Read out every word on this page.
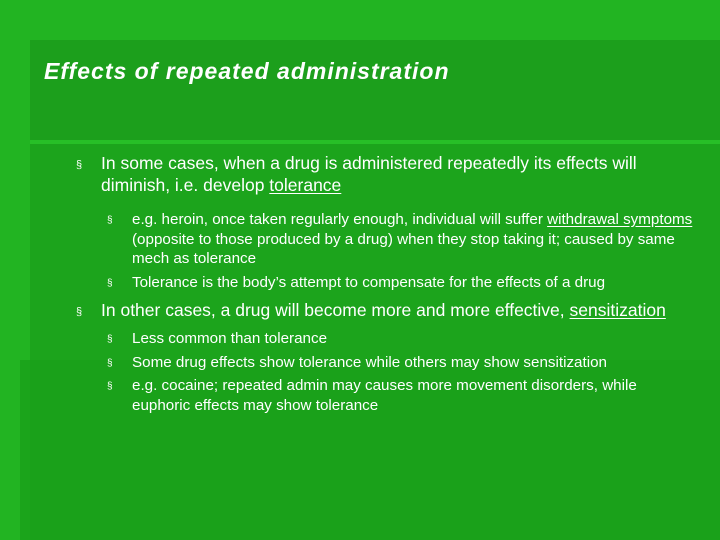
Effects of repeated administration

§ In some cases, when a drug is administered repeatedly its effects will diminish, i.e. develop tolerance

§ e.g. heroin, once taken regularly enough, individual will suffer withdrawal symptoms (opposite to those produced by a drug) when they stop taking it; caused by same mech as tolerance

§ Tolerance is the body’s attempt to compensate for the effects of a drug

§ In other cases, a drug will become more and more effective, sensitization

§ Less common than tolerance

§ Some drug effects show tolerance while others may show sensitization

§ e.g. cocaine; repeated admin may causes more movement disorders, while euphoric effects may show tolerance
